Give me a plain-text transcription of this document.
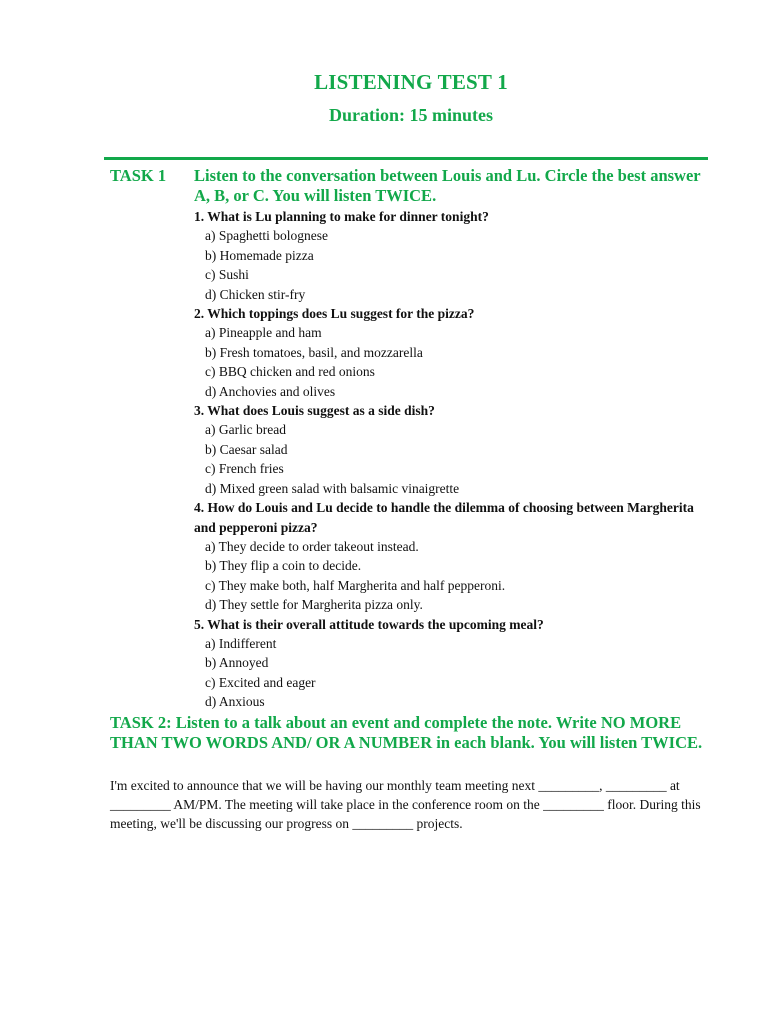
LISTENING TEST 1
Duration: 15 minutes
TASK 1 Listen to the conversation between Louis and Lu. Circle the best answer A, B, or C. You will listen TWICE.

1. What is Lu planning to make for dinner tonight?

a) Spaghetti bolognese

b) Homemade pizza

c) Sushi

d) Chicken stir-fry

2. Which toppings does Lu suggest for the pizza?

a) Pineapple and ham

b) Fresh tomatoes, basil, and mozzarella

c) BBQ chicken and red onions

d) Anchovies and olives

3. What does Louis suggest as a side dish?

a) Garlic bread

b) Caesar salad

c) French fries

d) Mixed green salad with balsamic vinaigrette

4. How do Louis and Lu decide to handle the dilemma of choosing between Margherita and pepperoni pizza?

a) They decide to order takeout instead.

b) They flip a coin to decide.

c) They make both, half Margherita and half pepperoni.

d) They settle for Margherita pizza only.

5. What is their overall attitude towards the upcoming meal?

a) Indifferent

b) Annoyed

c) Excited and eager

d) Anxious

TASK 2: Listen to a talk about an event and complete the note. Write NO MORE THAN TWO WORDS AND/ OR A NUMBER in each blank. You will listen TWICE.
I'm excited to announce that we will be having our monthly team meeting next _________, _________ at _________ AM/PM. The meeting will take place in the conference room on the _________ floor. During this meeting, we'll be discussing our progress on _________ projects.
